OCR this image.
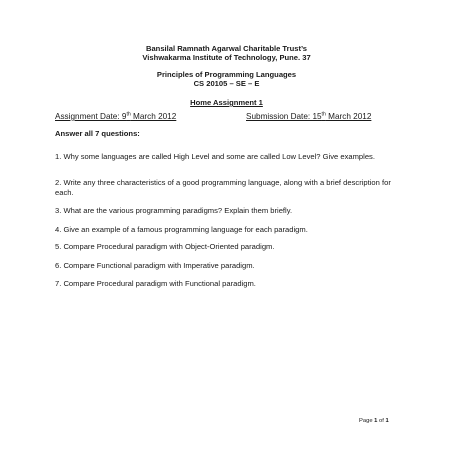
Bansilal Ramnath Agarwal Charitable Trust’s
Vishwakarma Institute of Technology, Pune. 37
Principles of Programming Languages
CS 20105 – SE – E
Home Assignment 1
Assignment Date: 9th March 2012	Submission Date: 15th March 2012
Answer all 7 questions:
1. Why some languages are called High Level and some are called Low Level? Give examples.
2. Write any three characteristics of a good programming language, along with a brief description for each.
3. What are the various programming paradigms? Explain them briefly.
4. Give an example of a famous programming language for each paradigm.
5. Compare Procedural paradigm with Object-Oriented paradigm.
6. Compare Functional paradigm with Imperative paradigm.
7. Compare Procedural paradigm with Functional paradigm.
Page 1 of 1
